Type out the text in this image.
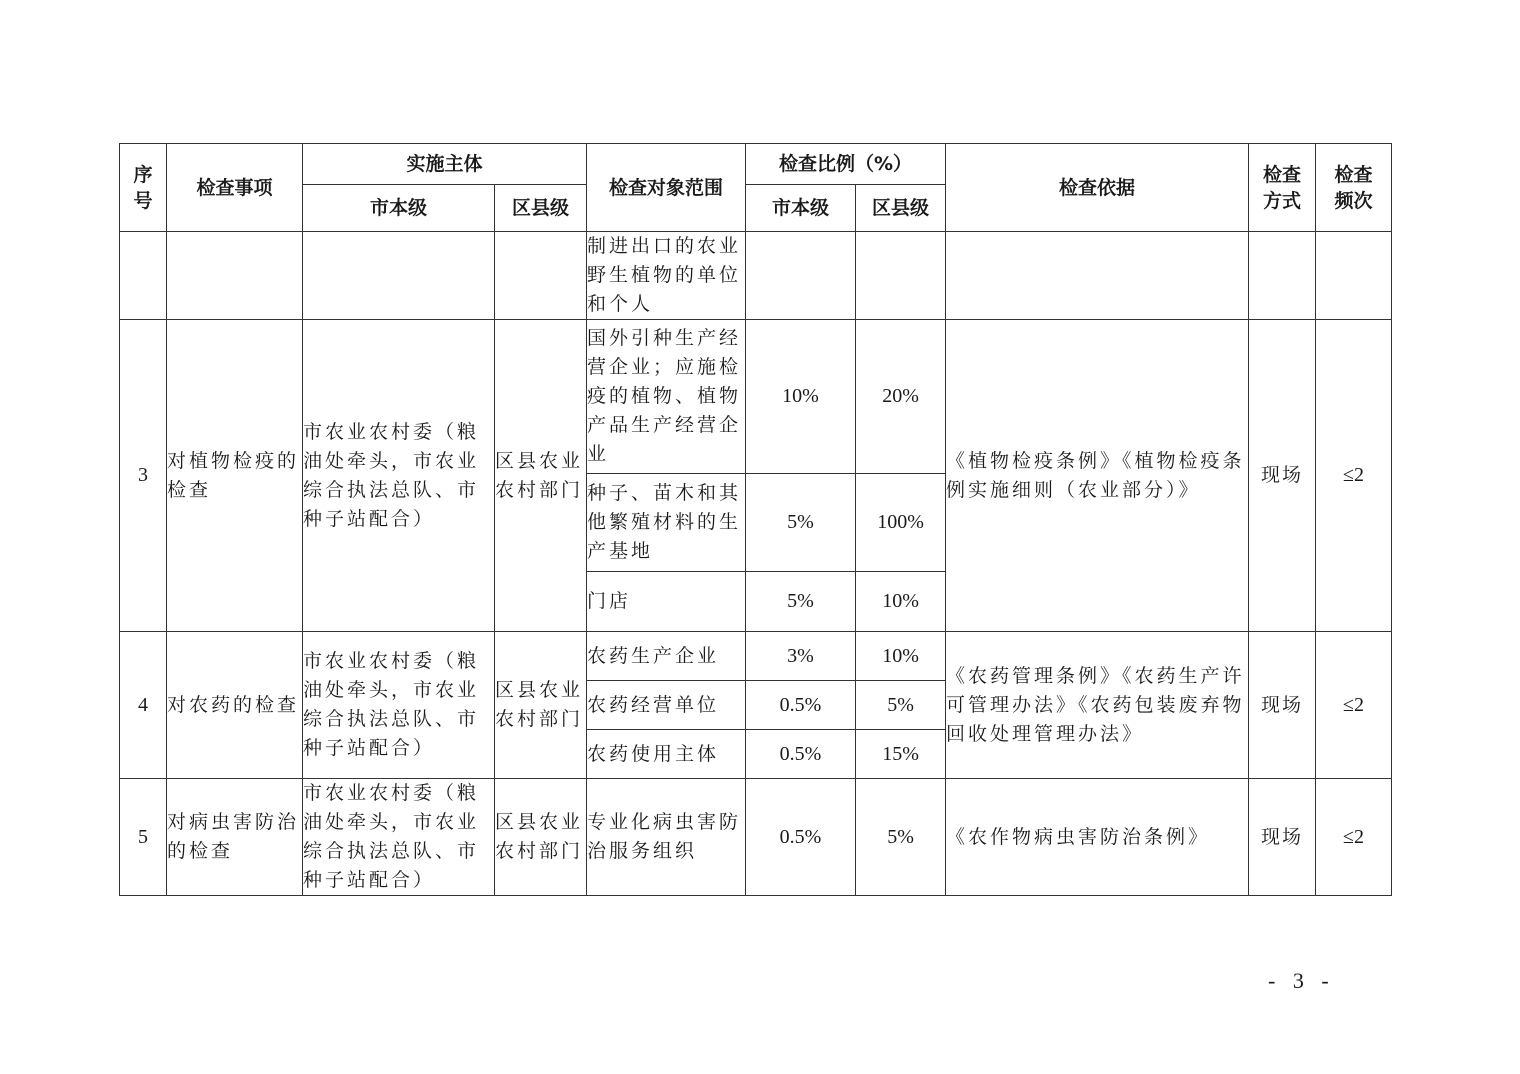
序号	检查事项	实施主体		检查对象范围	检查比例（%）		检查依据	检查方式	检查频次
		市本级	区县级		市本级	区县级			
				制进出口的农业野生植物的单位和个人					
3	对植物检疫的检查	市农业农村委（粮油处牵头，市农业综合执法总队、市种子站配合）	区县农业农村部门	国外引种生产经营企业；应施检疫的植物、植物产品生产经营企业	10%	20%	《植物检疫条例》《植物检疫条例实施细则（农业部分）》	现场	≤2
				种子、苗木和其他繁殖材料的生产基地	5%	100%			
				门店	5%	10%			
4	对农药的检查	市农业农村委（粮油处牵头，市农业综合执法总队、市种子站配合）	区县农业农村部门	农药生产企业	3%	10%	《农药管理条例》《农药生产许可管理办法》《农药包装废弃物回收处理管理办法》	现场	≤2
				农药经营单位	0.5%	5%			
				农药使用主体	0.5%	15%			
5	对病虫害防治的检查	市农业农村委（粮油处牵头，市农业综合执法总队、市种子站配合）	区县农业农村部门	专业化病虫害防治服务组织	0.5%	5%	《农作物病虫害防治条例》	现场	≤2
- 3 -
